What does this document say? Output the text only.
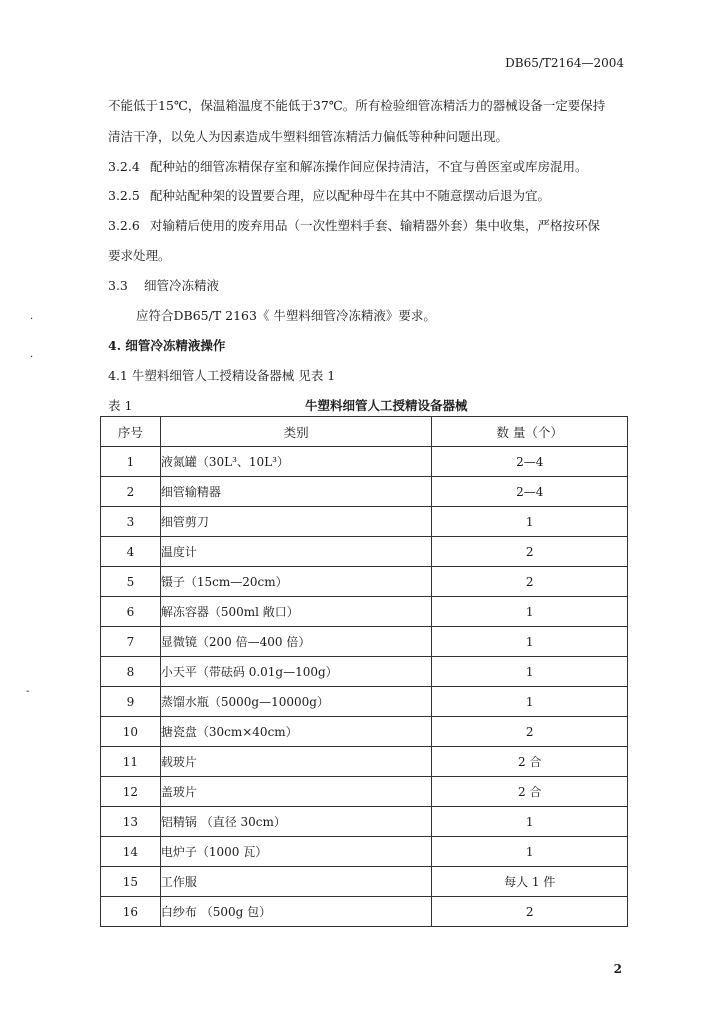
DB65/T2164—2004
不能低于15℃，保温箱温度不能低于37℃。所有检验细管冻精活力的器械设备一定要保持
清洁干净，以免人为因素造成牛塑料细管冻精活力偏低等种种问题出现。
3.2.4 配种站的细管冻精保存室和解冻操作间应保持清洁，不宜与兽医室或库房混用。
3.2.5 配种站配种架的设置要合理，应以配种母牛在其中不随意摆动后退为宜。
3.2.6 对输精后使用的废弃用品（一次性塑料手套、输精器外套）集中收集，严格按环保
要求处理。
3.3 细管冷冻精液
应符合DB65/T 2163《 牛塑料细管冷冻精液》要求。
4. 细管冷冻精液操作
4.1 牛塑料细管人工授精设备器械 见表 1
表 1	牛塑料细管人工授精设备器械
序号	类别	数 量（个）
1	液氮罐（30L³、10L³）	2—4
2	细管输精器	2—4
3	细管剪刀	1
4	温度计	2
5	镊子（15cm—20cm）	2
6	解冻容器（500ml 敞口）	1
7	显微镜（200 倍—400 倍）	1
8	小天平（带砝码 0.01g—100g）	1
9	蒸馏水瓶（5000g—10000g）	1
10	搪瓷盘（30cm×40cm）	2
11	载玻片	2 合
12	盖玻片	2 合
13	铝精锅 （直径 30cm）	1
14	电炉子（1000 瓦）	1
15	工作服	每人 1 件
16	白纱布 （500g 包）	2
·
·
-
2
